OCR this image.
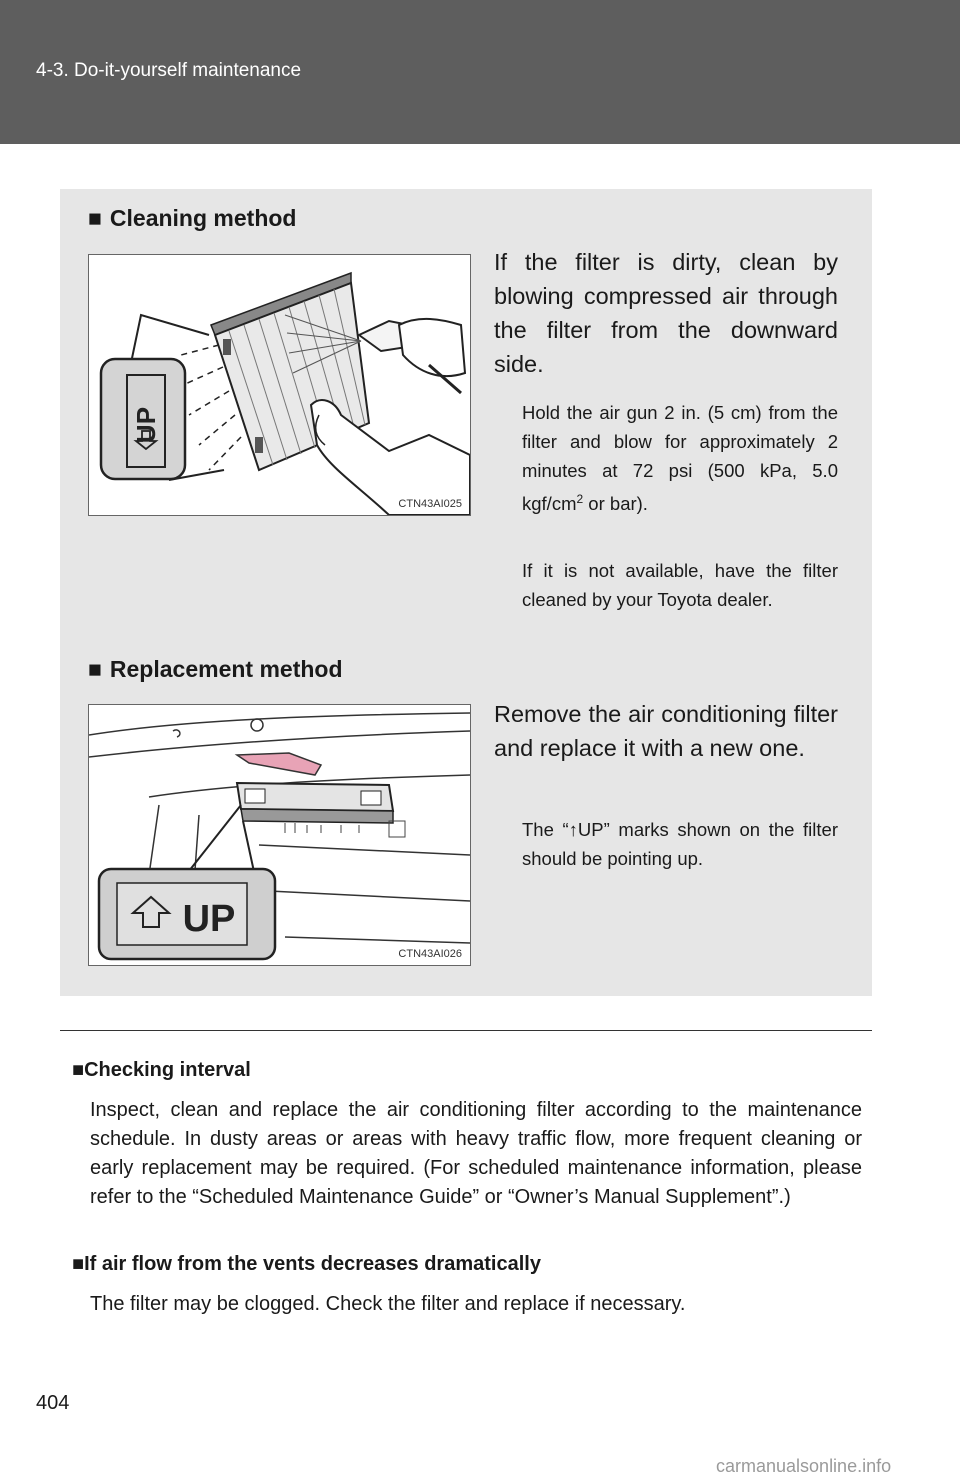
4-3. Do-it-yourself maintenance
■ Cleaning method
UP
CTN43AI025
If the filter is dirty, clean by blowing compressed air through the filter from the downward side.
Hold the air gun 2 in. (5 cm) from the filter and blow for approximately 2 minutes at 72 psi (500 kPa, 5.0 kgf/$cm^2$ or bar).
If it is not available, have the filter cleaned by your Toyota dealer.
■ Replacement method
UP
CTN43AI026
Remove the air conditioning filter and replace it with a new one.
The “↑UP” marks shown on the filter should be pointing up.
■Checking interval
Inspect, clean and replace the air conditioning filter according to the maintenance schedule. In dusty areas or areas with heavy traffic flow, more frequent cleaning or early replacement may be required. (For scheduled maintenance information, please refer to the “Scheduled Maintenance Guide” or “Owner’s Manual Supplement”.)
■If air flow from the vents decreases dramatically
The filter may be clogged. Check the filter and replace if necessary.
404
carmanualsonline.info
